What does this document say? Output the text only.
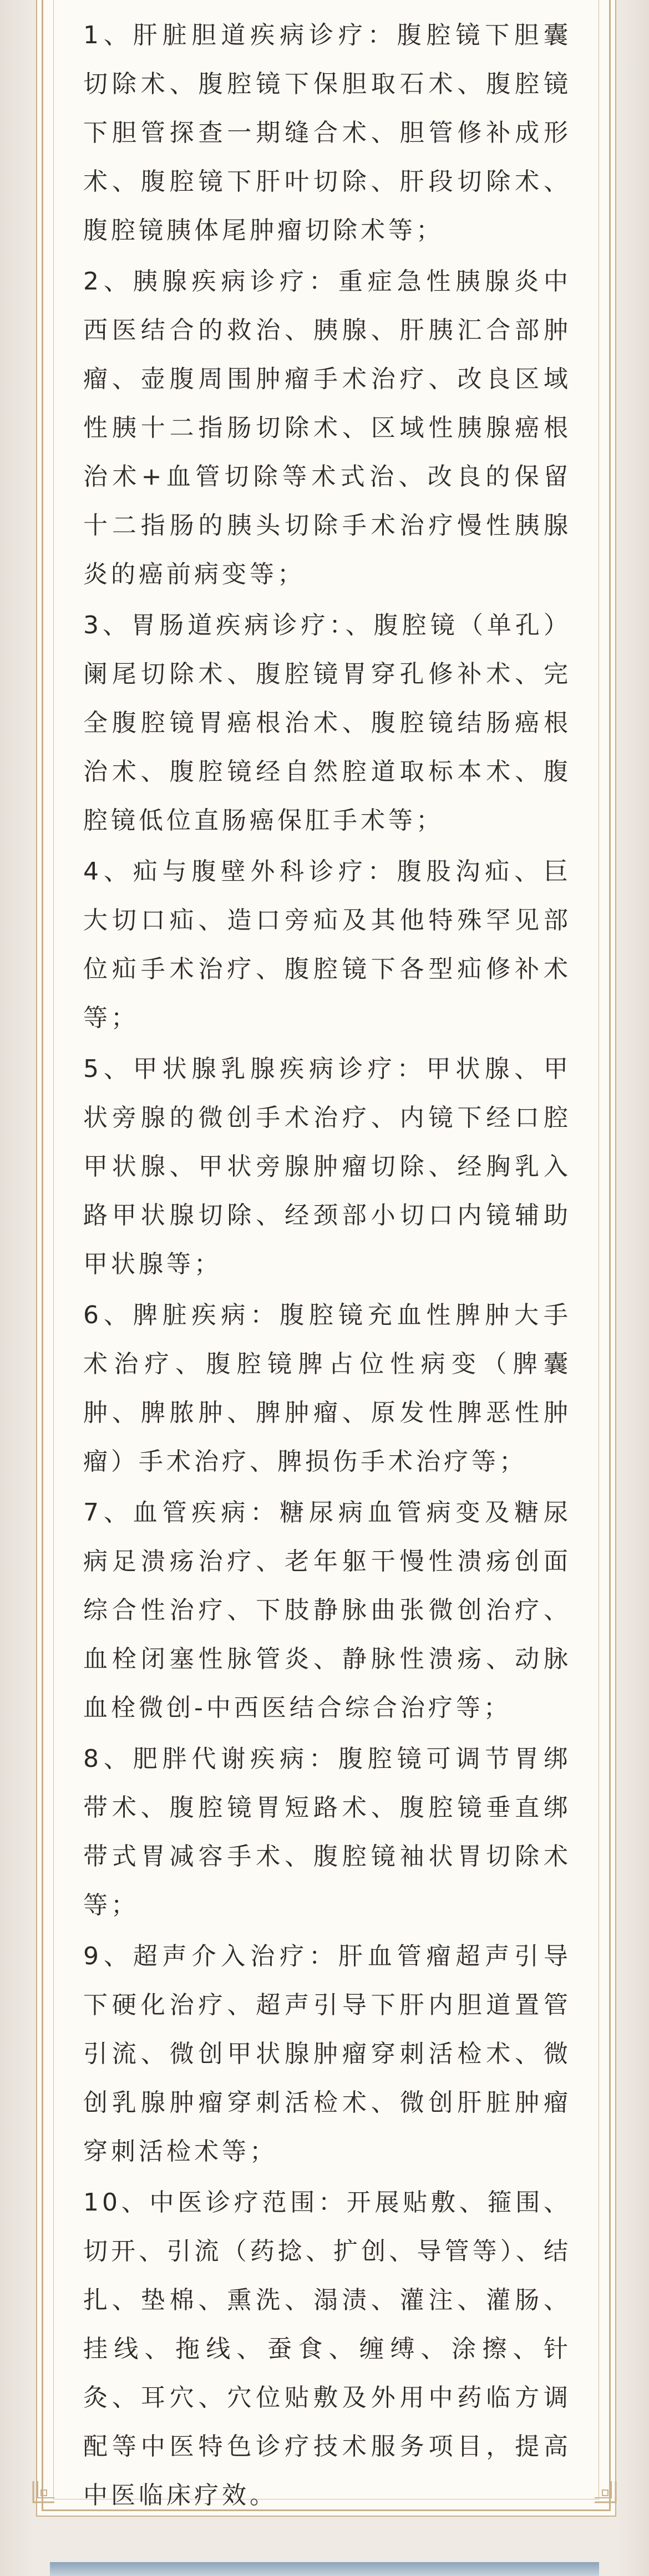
1、肝脏胆道疾病诊疗：腹腔镜下胆囊切除术、腹腔镜下保胆取石术、腹腔镜下胆管探查一期缝合术、胆管修补成形术、腹腔镜下肝叶切除、肝段切除术、腹腔镜胰体尾肿瘤切除术等；

2、胰腺疾病诊疗：重症急性胰腺炎中西医结合的救治、胰腺、肝胰汇合部肿瘤、壶腹周围肿瘤手术治疗、改良区域性胰十二指肠切除术、区域性胰腺癌根治术+血管切除等术式治、改良的保留十二指肠的胰头切除手术治疗慢性胰腺炎的癌前病变等；

3、胃肠道疾病诊疗：、腹腔镜（单孔）阑尾切除术、腹腔镜胃穿孔修补术、完全腹腔镜胃癌根治术、腹腔镜结肠癌根治术、腹腔镜经自然腔道取标本术、腹腔镜低位直肠癌保肛手术等；

4、疝与腹壁外科诊疗：腹股沟疝、巨大切口疝、造口旁疝及其他特殊罕见部位疝手术治疗、腹腔镜下各型疝修补术等；

5、甲状腺乳腺疾病诊疗：甲状腺、甲状旁腺的微创手术治疗、内镜下经口腔甲状腺、甲状旁腺肿瘤切除、经胸乳入路甲状腺切除、经颈部小切口内镜辅助甲状腺等；

6、脾脏疾病：腹腔镜充血性脾肿大手术治疗、腹腔镜脾占位性病变（脾囊肿、脾脓肿、脾肿瘤、原发性脾恶性肿瘤）手术治疗、脾损伤手术治疗等；

7、血管疾病：糖尿病血管病变及糖尿病足溃疡治疗、老年躯干慢性溃疡创面综合性治疗、下肢静脉曲张微创治疗、血栓闭塞性脉管炎、静脉性溃疡、动脉血栓微创-中西医结合综合治疗等；

8、肥胖代谢疾病：腹腔镜可调节胃绑带术、腹腔镜胃短路术、腹腔镜垂直绑带式胃减容手术、腹腔镜袖状胃切除术等；

9、超声介入治疗：肝血管瘤超声引导下硬化治疗、超声引导下肝内胆道置管引流、微创甲状腺肿瘤穿刺活检术、微创乳腺肿瘤穿刺活检术、微创肝脏肿瘤穿刺活检术等；

10、中医诊疗范围：开展贴敷、箍围、切开、引流（药捻、扩创、导管等）、结扎、垫棉、熏洗、溻渍、灌注、灌肠、挂线、拖线、蚕食、缠缚、涂擦、针灸、耳穴、穴位贴敷及外用中药临方调配等中医特色诊疗技术服务项目，提高中医临床疗效。
